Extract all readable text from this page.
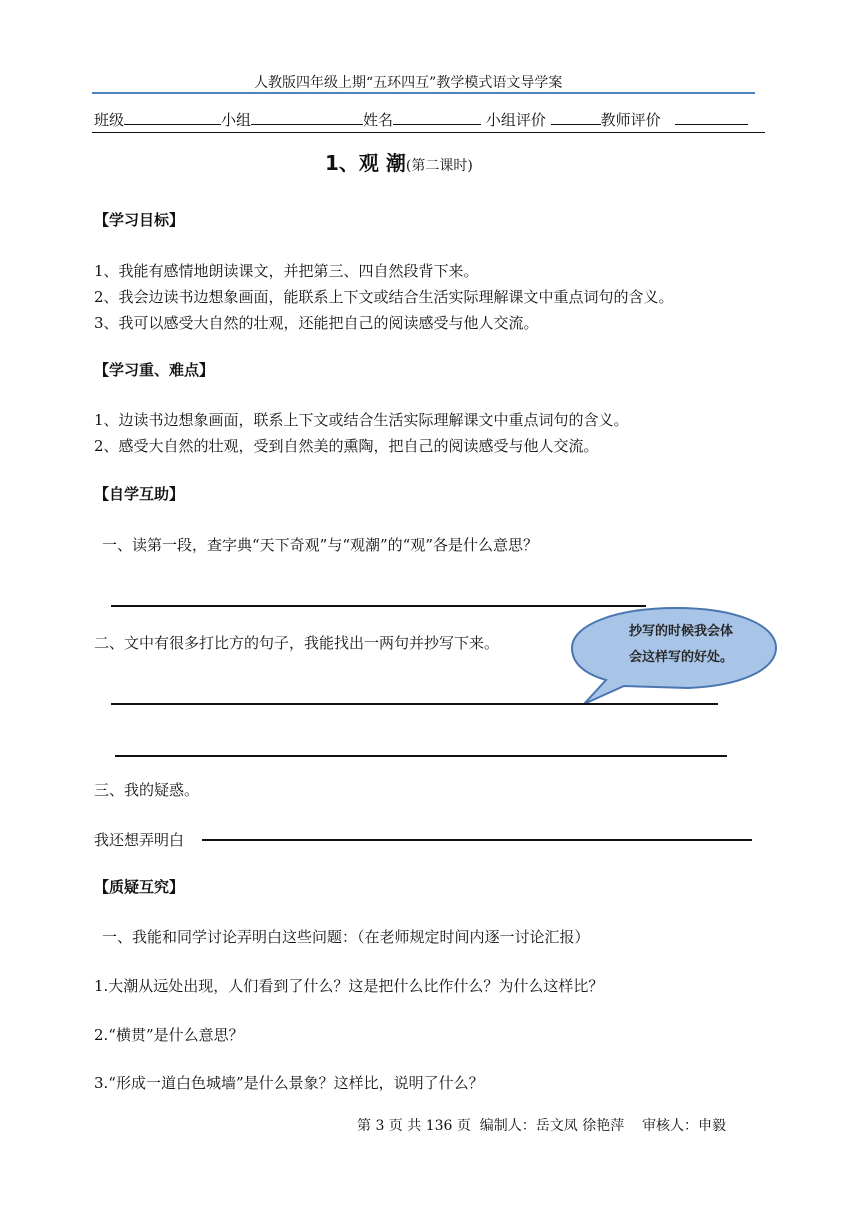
人教版四年级上期“五环四互”教学模式语文导学案
班级	小组	姓名	小组评价	教师评价
1、观 潮(第二课时)
【学习目标】
1、我能有感情地朗读课文，并把第三、四自然段背下来。
2、我会边读书边想象画面，能联系上下文或结合生活实际理解课文中重点词句的含义。
3、我可以感受大自然的壮观，还能把自己的阅读感受与他人交流。
【学习重、难点】
1、边读书边想象画面，联系上下文或结合生活实际理解课文中重点词句的含义。
2、感受大自然的壮观，受到自然美的熏陶，把自己的阅读感受与他人交流。
【自学互助】
一、读第一段，查字典“天下奇观”与“观潮”的“观”各是什么意思？
二、文中有很多打比方的句子，我能找出一两句并抄写下来。
抄写的时候我会体
会这样写的好处。
三、我的疑惑。
我还想弄明白
【质疑互究】
一、我能和同学讨论弄明白这些问题：（在老师规定时间内逐一讨论汇报）
1.大潮从远处出现，人们看到了什么？这是把什么比作什么？为什么这样比？
2.“横贯”是什么意思？
3.“形成一道白色城墙”是什么景象？这样比，说明了什么？
第 3 页 共 136 页 编制人：岳文凤 徐艳萍 审核人：申毅
